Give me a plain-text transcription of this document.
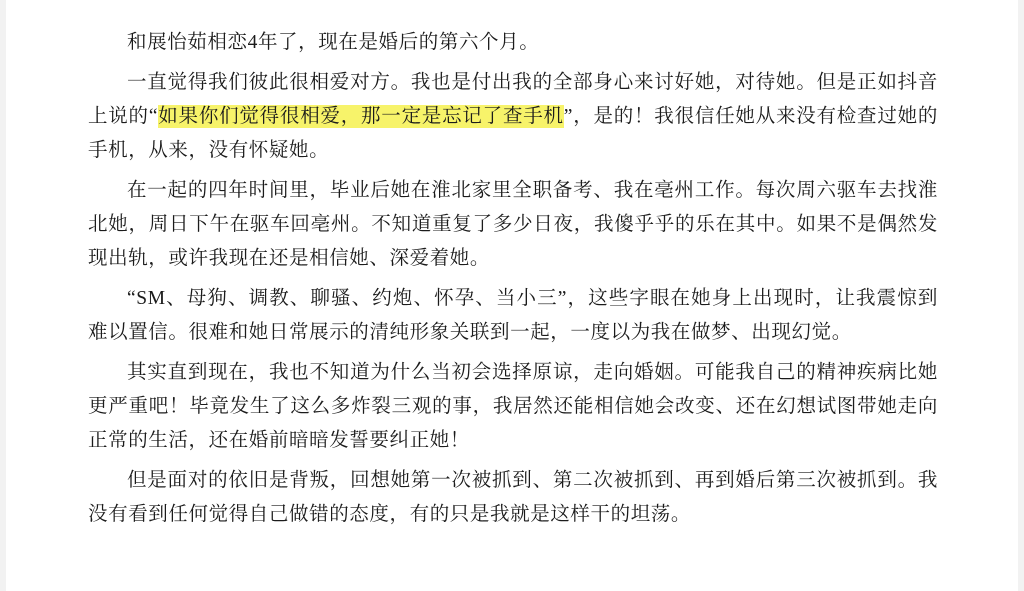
和展怡茹相恋4年了，现在是婚后的第六个月。

一直觉得我们彼此很相爱对方。我也是付出我的全部身心来讨好她，对待她。但是正如抖音上说的“如果你们觉得很相爱，那一定是忘记了查手机”，是的！我很信任她从来没有检查过她的手机，从来，没有怀疑她。

在一起的四年时间里，毕业后她在淮北家里全职备考、我在亳州工作。每次周六驱车去找淮北她，周日下午在驱车回亳州。不知道重复了多少日夜，我傻乎乎的乐在其中。如果不是偶然发现出轨，或许我现在还是相信她、深爱着她。

“SM、母狗、调教、聊骚、约炮、怀孕、当小三”，这些字眼在她身上出现时，让我震惊到难以置信。很难和她日常展示的清纯形象关联到一起，一度以为我在做梦、出现幻觉。

其实直到现在，我也不知道为什么当初会选择原谅，走向婚姻。可能我自己的精神疾病比她更严重吧！毕竟发生了这么多炸裂三观的事，我居然还能相信她会改变、还在幻想试图带她走向正常的生活，还在婚前暗暗发誓要纠正她！

但是面对的依旧是背叛，回想她第一次被抓到、第二次被抓到、再到婚后第三次被抓到。我没有看到任何觉得自己做错的态度，有的只是我就是这样干的坦荡。
